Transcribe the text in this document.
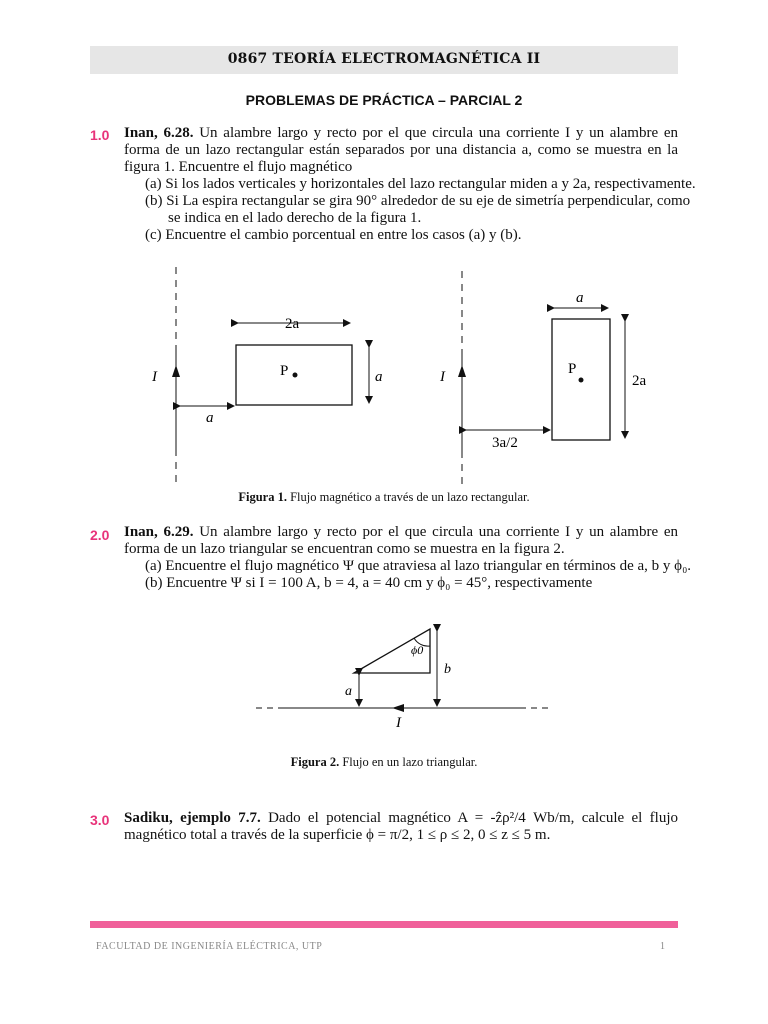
0867 TEORÍA ELECTROMAGNÉTICA II
PROBLEMAS DE PRÁCTICA – PARCIAL 2
1.0 Inan, 6.28. Un alambre largo y recto por el que circula una corriente I y un alambre en forma de un lazo rectangular están separados por una distancia a, como se muestra en la figura 1. Encuentre el flujo magnético
(a) Si los lados verticales y horizontales del lazo rectangular miden a y 2a, respectivamente.
(b) Si La espira rectangular se gira 90° alrededor de su eje de simetría perpendicular, como
se indica en el lado derecho de la figura 1.
(c) Encuentre el cambio porcentual en entre los casos (a) y (b).
I	P
2a
a
a
I	P
a
2a
3a/2
Figura 1. Flujo magnético a través de un lazo rectangular.
2.0 Inan, 6.29. Un alambre largo y recto por el que circula una corriente I y un alambre en forma de un lazo triangular se encuentran como se muestra en la figura 2.
(a) Encuentre el flujo magnético Ψ que atraviesa al lazo triangular en términos de a, b y ϕ₀.
(b) Encuentre Ψ si I = 100 A, b = 4, a = 40 cm y ϕ₀ = 45°, respectivamente
I
ϕ0
a
b
Figura 2. Flujo en un lazo triangular.
3.0 Sadiku, ejemplo 7.7. Dado el potencial magnético A = -ẑρ²/4 Wb/m, calcule el flujo magnético total a través de la superficie ϕ = π/2, 1 ≤ ρ ≤ 2, 0 ≤ z ≤ 5 m.
FACULTAD DE INGENIERÍA ELÉCTRICA, UTP	1
